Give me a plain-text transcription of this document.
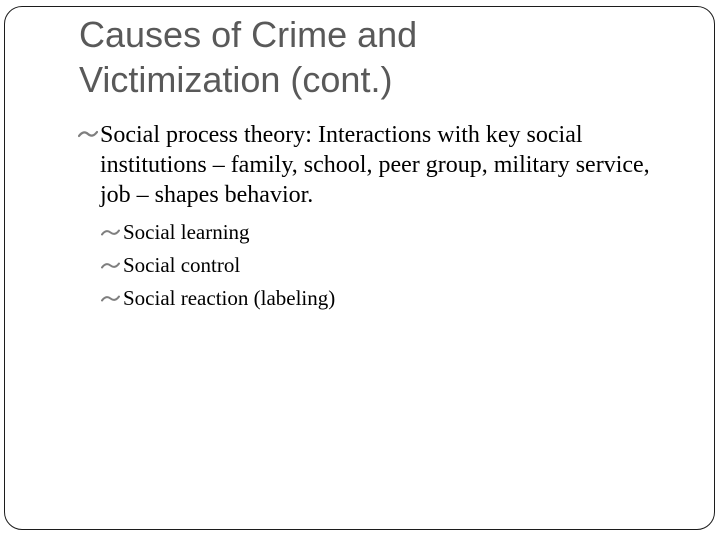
Causes of Crime and
Victimization (cont.)
Social process theory: Interactions with key social institutions – family, school, peer group, military service, job – shapes behavior.
Social learning
Social control
Social reaction (labeling)
